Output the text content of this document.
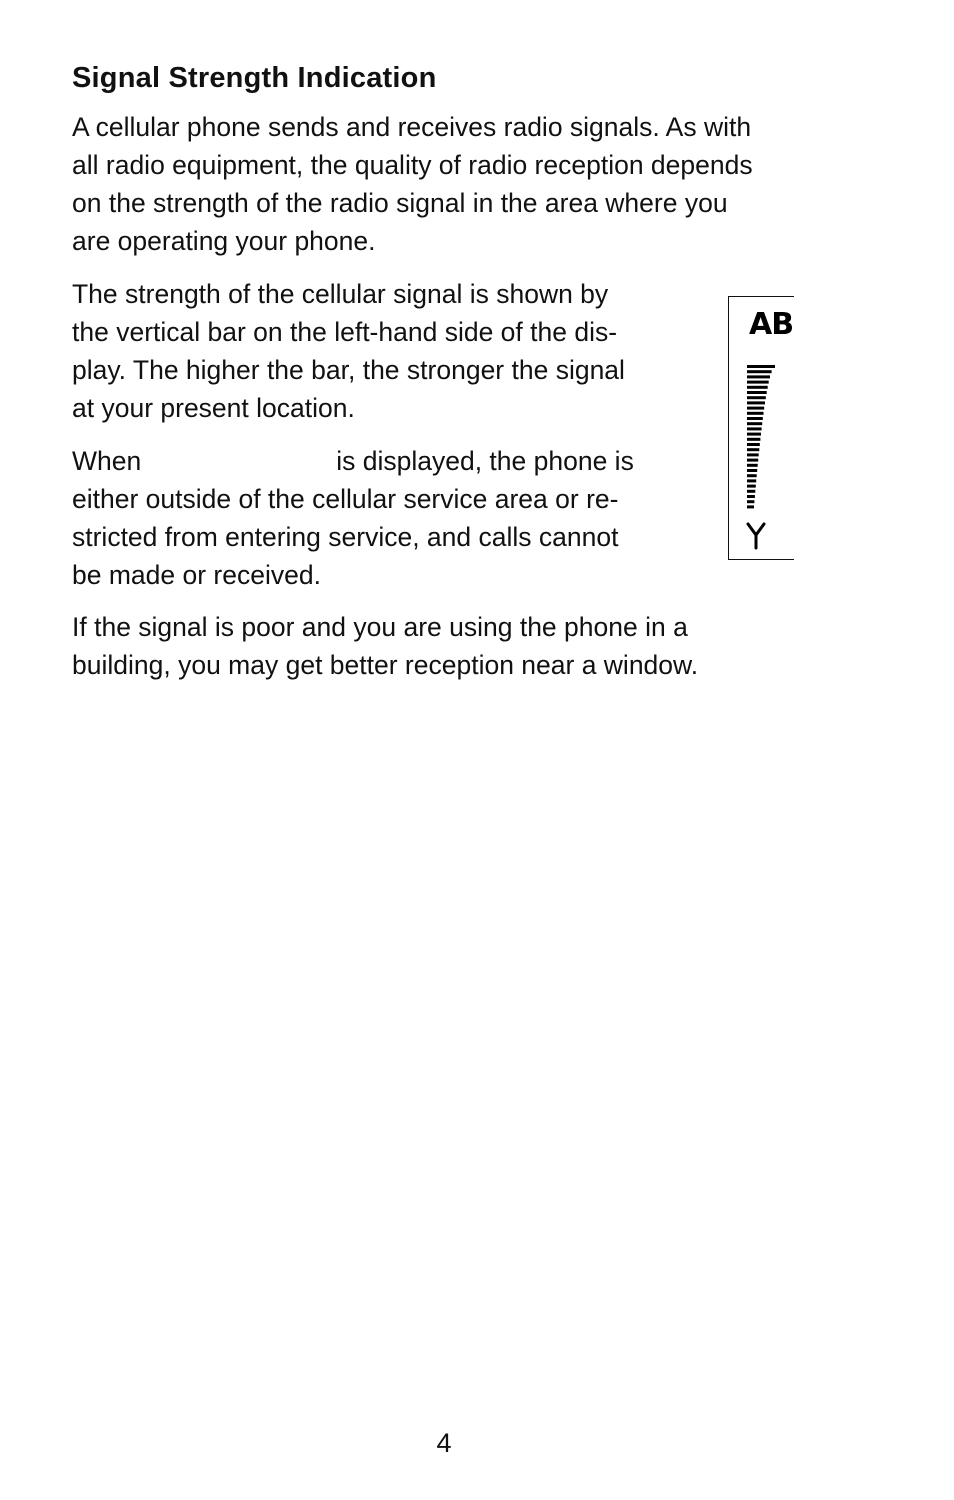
Signal Strength Indication

A cellular phone sends and receives radio signals. As with
all radio equipment, the quality of radio reception depends
on the strength of the radio signal in the area where you
are operating your phone.

The strength of the cellular signal is shown by
the vertical bar on the left-hand side of the dis-
play. The higher the bar, the stronger the signal
at your present location.

When	is displayed, the phone is
either outside of the cellular service area or re-
stricted from entering service, and calls cannot
be made or received.

If the signal is poor and you are using the phone in a
building, you may get better reception near a window.

AB
4
